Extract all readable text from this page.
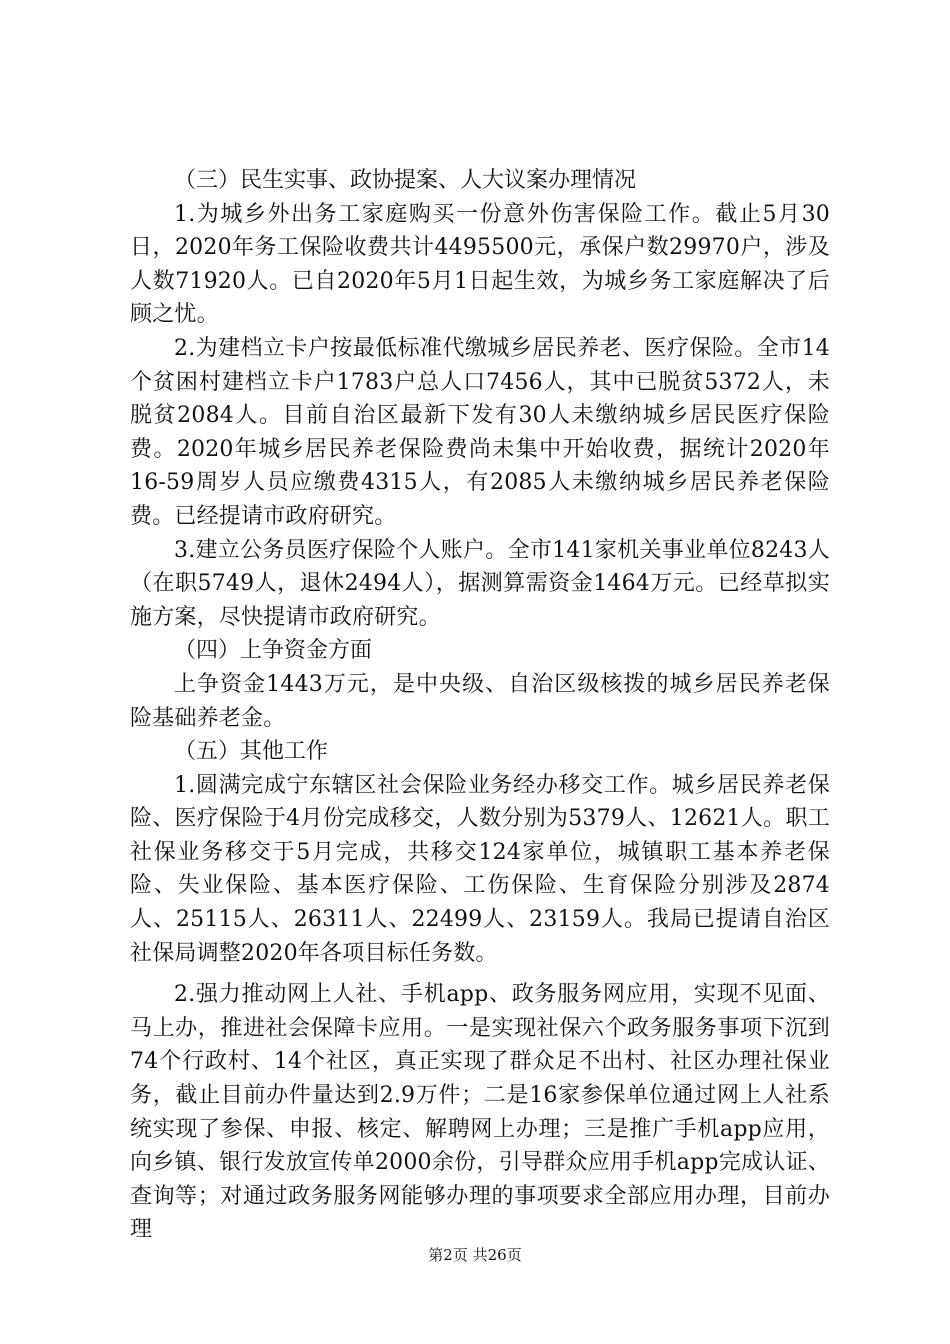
（三）民生实事、政协提案、人大议案办理情况

1.为城乡外出务工家庭购买一份意外伤害保险工作。截止5月30日，2020年务工保险收费共计4495500元，承保户数29970户，涉及人数71920人。已自2020年5月1日起生效，为城乡务工家庭解决了后顾之忧。

2.为建档立卡户按最低标准代缴城乡居民养老、医疗保险。全市14个贫困村建档立卡户1783户总人口7456人，其中已脱贫5372人，未脱贫2084人。目前自治区最新下发有30人未缴纳城乡居民医疗保险费。2020年城乡居民养老保险费尚未集中开始收费，据统计2020年16-59周岁人员应缴费4315人，有2085人未缴纳城乡居民养老保险费。已经提请市政府研究。

3.建立公务员医疗保险个人账户。全市141家机关事业单位8243人（在职5749人，退休2494人），据测算需资金1464万元。已经草拟实施方案，尽快提请市政府研究。

（四）上争资金方面

上争资金1443万元，是中央级、自治区级核拨的城乡居民养老保险基础养老金。

（五）其他工作

1.圆满完成宁东辖区社会保险业务经办移交工作。城乡居民养老保险、医疗保险于4月份完成移交，人数分别为5379人、12621人。职工社保业务移交于5月完成，共移交124家单位，城镇职工基本养老保险、失业保险、基本医疗保险、工伤保险、生育保险分别涉及2874人、25115人、26311人、22499人、23159人。我局已提请自治区社保局调整2020年各项目标任务数。

2.强力推动网上人社、手机app、政务服务网应用，实现不见面、马上办，推进社会保障卡应用。一是实现社保六个政务服务事项下沉到74个行政村、14个社区，真正实现了群众足不出村、社区办理社保业务，截止目前办件量达到2.9万件；二是16家参保单位通过网上人社系统实现了参保、申报、核定、解聘网上办理；三是推广手机app应用，向乡镇、银行发放宣传单2000余份，引导群众应用手机app完成认证、查询等；对通过政务服务网能够办理的事项要求全部应用办理，目前办理

第2页 共26页
